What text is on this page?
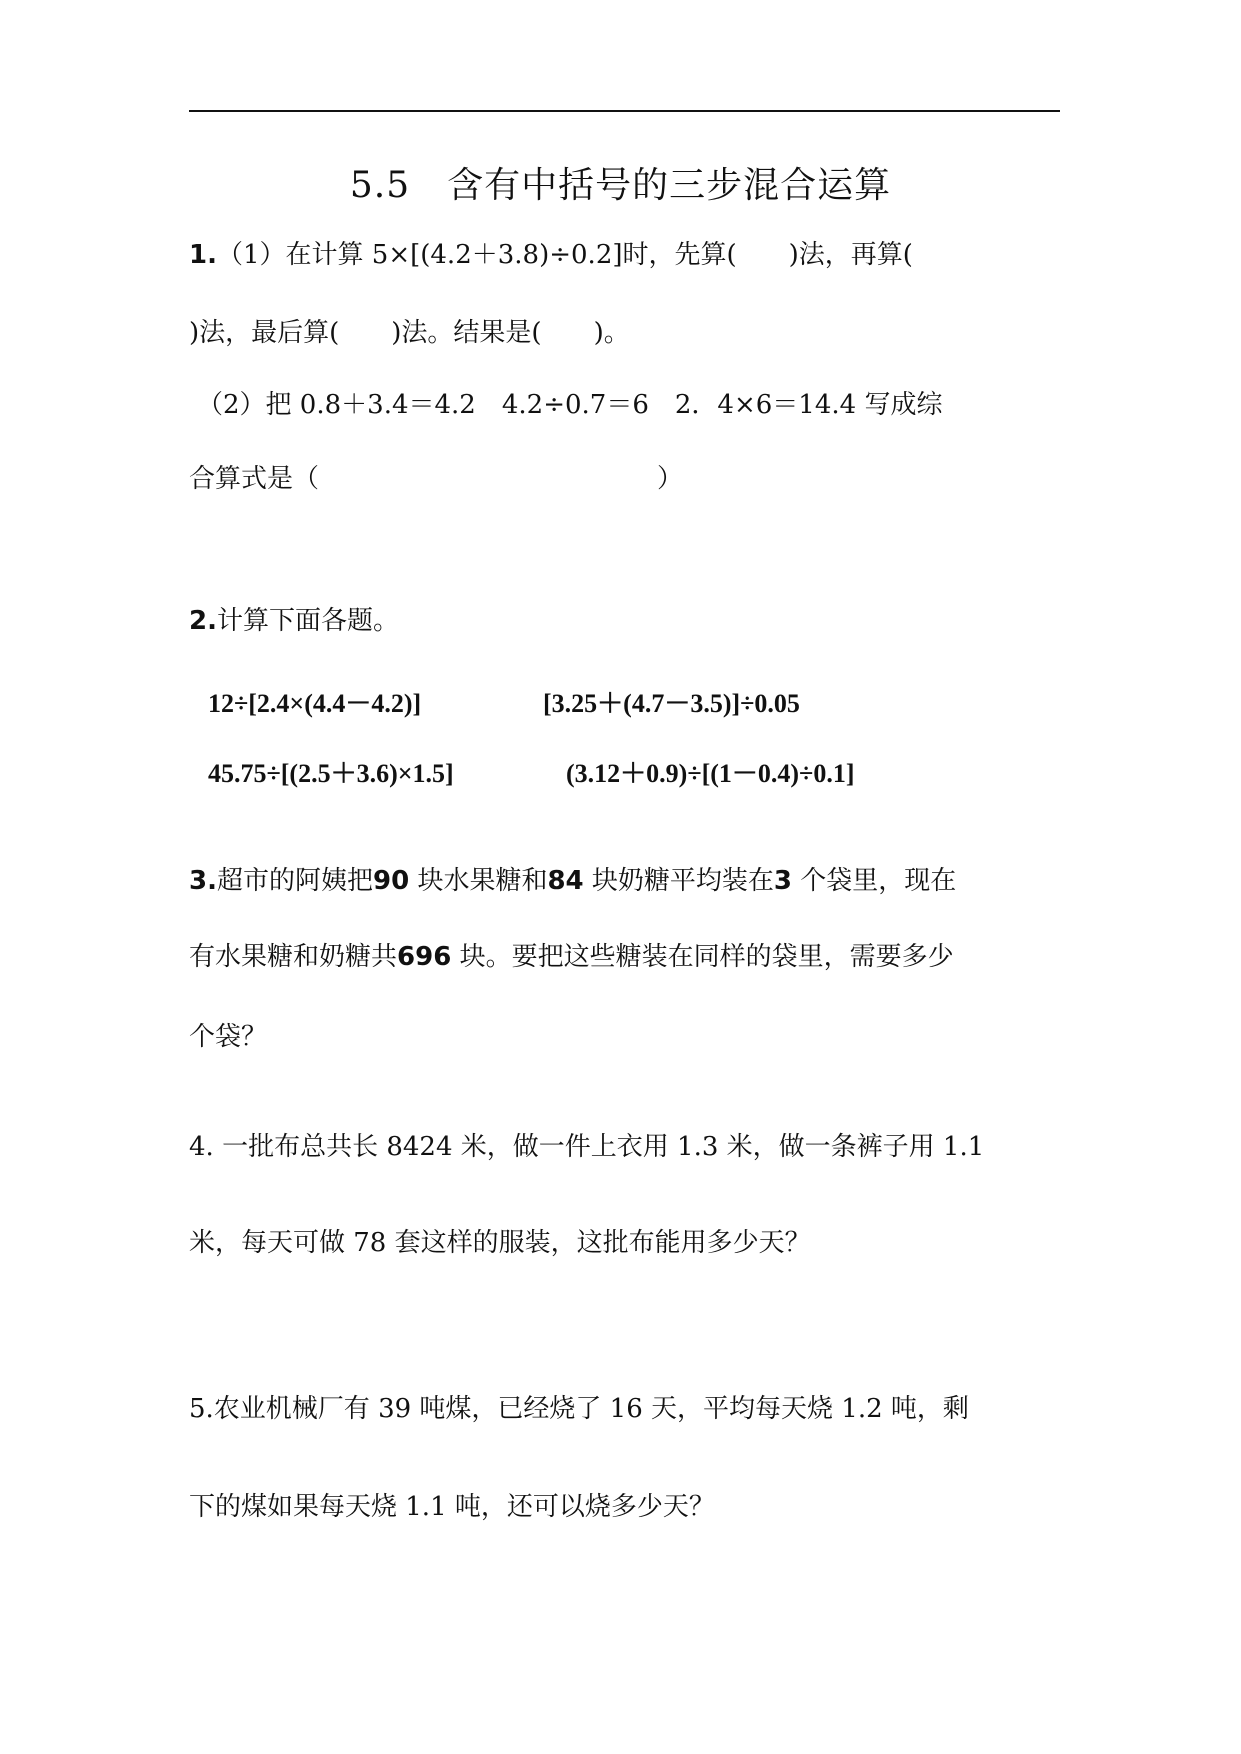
5.5　含有中括号的三步混合运算
1.（1）在计算 5×[(4.2＋3.8)÷0.2]时，先算(　　)法，再算(
)法，最后算(　　)法。结果是(　　)。
（2）把 0.8＋3.4＝4.2　4.2÷0.7＝6　2．4×6＝14.4 写成综
合算式是（　　　　　　　　　　　　　）
2.计算下面各题。
12÷[2.4×(4.4－4.2)]	[3.25＋(4.7－3.5)]÷0.05
45.75÷[(2.5＋3.6)×1.5]	(3.12＋0.9)÷[(1－0.4)÷0.1]
3.超市的阿姨把90 块水果糖和84 块奶糖平均装在3 个袋里，现在
有水果糖和奶糖共696 块。要把这些糖装在同样的袋里，需要多少
个袋？
4. 一批布总共长 8424 米，做一件上衣用 1.3 米，做一条裤子用 1.1
米，每天可做 78 套这样的服装，这批布能用多少天？
5.农业机械厂有 39 吨煤，已经烧了 16 天，平均每天烧 1.2 吨，剩
下的煤如果每天烧 1.1 吨，还可以烧多少天？
